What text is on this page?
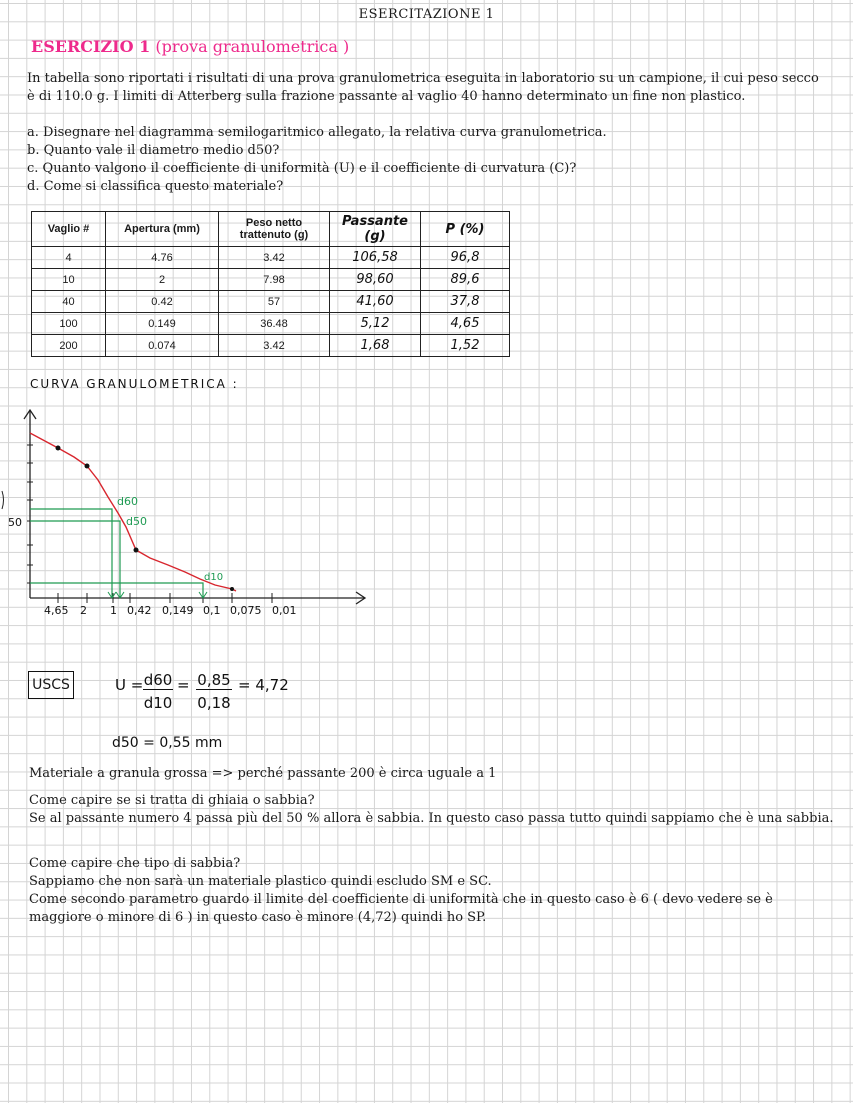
ESERCITAZIONE 1
ESERCIZIO 1 (prova granulometrica )
In tabella sono riportati i risultati di una prova granulometrica eseguita in laboratorio su un campione, il cui peso secco è di 110.0 g. I limiti di Atterberg sulla frazione passante al vaglio 40 hanno determinato un fine non plastico.
a. Disegnare nel diagramma semilogaritmico allegato, la relativa curva granulometrica.
b. Quanto vale il diametro medio d50?
c. Quanto valgono il coefficiente di uniformità (U) e il coefficiente di curvatura (C)?
d. Come si classifica questo materiale?
Vaglio #	Apertura (mm)	Peso netto trattenuto (g)	Passante (g)	P (%)
4	4.76	3.42	106,58	96,8
10	2	7.98	98,60	89,6
40	0.42	57	41,60	37,8
100	0.149	36.48	5,12	4,65
200	0.074	3.42	1,68	1,52
CURVA GRANULOMETRICA :
50
4,65 2 1 0,42 0,149 0,1 0,075 0,01
d60
d50
d10
USCS	U = d60
d10
= 0,85
0,18
= 4,72
d50 = 0,55 mm
Materiale a granula grossa => perché passante 200 è circa uguale a 1
Come capire se si tratta di ghiaia o sabbia?
Se al passante numero 4 passa più del 50 % allora è sabbia. In questo caso passa tutto quindi sappiamo che è una sabbia.
Come capire che tipo di sabbia?
Sappiamo che non sarà un materiale plastico quindi escludo SM e SC.
Come secondo parametro guardo il limite del coefficiente di uniformità che in questo caso è 6 ( devo vedere se è maggiore o minore di 6 ) in questo caso è minore (4,72) quindi ho SP.
